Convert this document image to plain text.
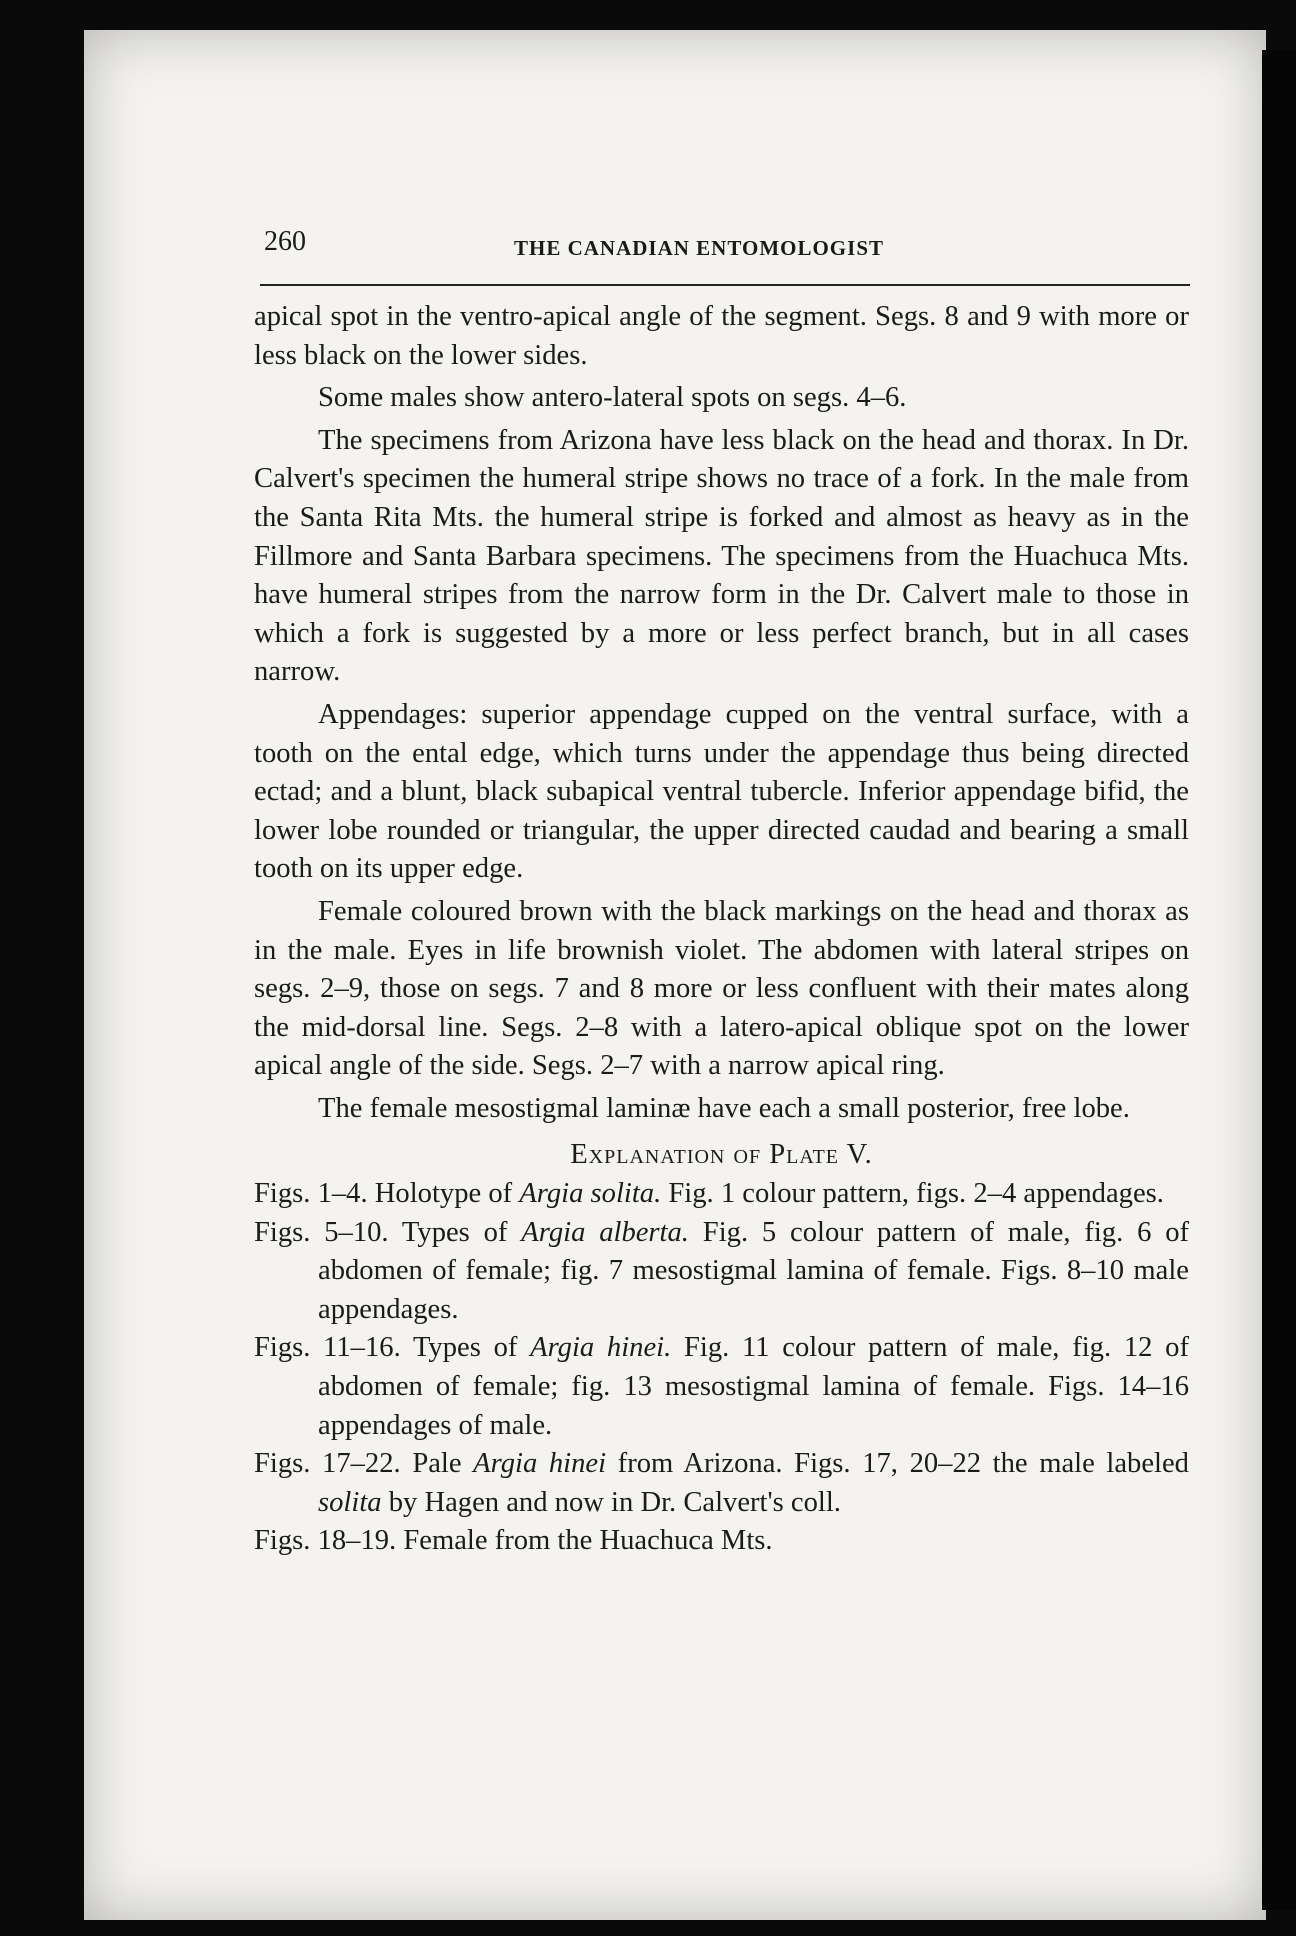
260	THE CANADIAN ENTOMOLOGIST

apical spot in the ventro-apical angle of the segment. Segs. 8 and 9 with more or less black on the lower sides.

Some males show antero-lateral spots on segs. 4–6.

The specimens from Arizona have less black on the head and thorax. In Dr. Calvert's specimen the humeral stripe shows no trace of a fork. In the male from the Santa Rita Mts. the humeral stripe is forked and almost as heavy as in the Fillmore and Santa Barbara specimens. The specimens from the Huachuca Mts. have humeral stripes from the narrow form in the Dr. Calvert male to those in which a fork is suggested by a more or less perfect branch, but in all cases narrow.

Appendages: superior appendage cupped on the ventral surface, with a tooth on the ental edge, which turns under the appendage thus being directed ectad; and a blunt, black subapical ventral tubercle. Inferior appendage bifid, the lower lobe rounded or triangular, the upper directed caudad and bearing a small tooth on its upper edge.

Female coloured brown with the black markings on the head and thorax as in the male. Eyes in life brownish violet. The abdomen with lateral stripes on segs. 2–9, those on segs. 7 and 8 more or less confluent with their mates along the mid-dorsal line. Segs. 2–8 with a latero-apical oblique spot on the lower apical angle of the side. Segs. 2–7 with a narrow apical ring.

The female mesostigmal laminæ have each a small posterior, free lobe.

Explanation of Plate V.

Figs. 1–4. Holotype of Argia solita. Fig. 1 colour pattern, figs. 2–4 appendages.

Figs. 5–10. Types of Argia alberta. Fig. 5 colour pattern of male, fig. 6 of abdomen of female; fig. 7 mesostigmal lamina of female. Figs. 8–10 male appendages.

Figs. 11–16. Types of Argia hinei. Fig. 11 colour pattern of male, fig. 12 of abdomen of female; fig. 13 mesostigmal lamina of female. Figs. 14–16 appendages of male.

Figs. 17–22. Pale Argia hinei from Arizona. Figs. 17, 20–22 the male labeled solita by Hagen and now in Dr. Calvert's coll.

Figs. 18–19. Female from the Huachuca Mts.
